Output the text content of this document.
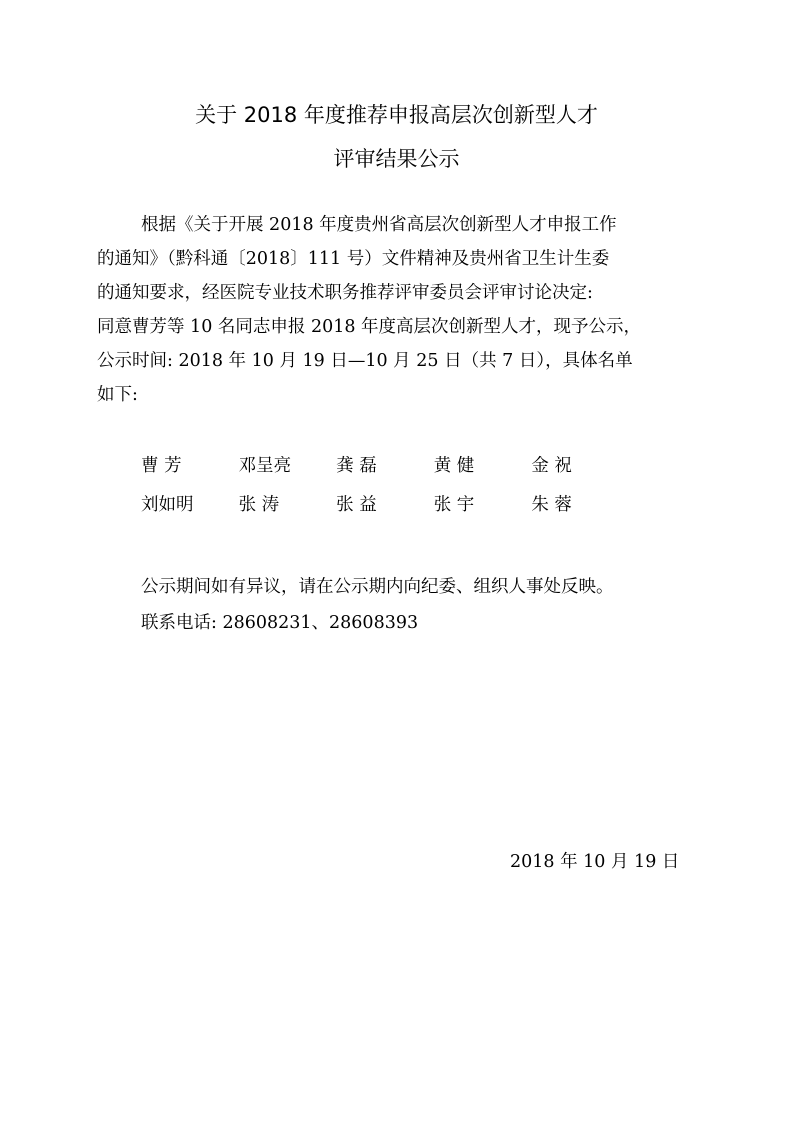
关于 2018 年度推荐申报高层次创新型人才
评审结果公示
根据《关于开展 2018 年度贵州省高层次创新型人才申报工作
的通知》（黔科通〔2018〕111 号）文件精神及贵州省卫生计生委
的通知要求，经医院专业技术职务推荐评审委员会评审讨论决定:
同意曹芳等 10 名同志申报 2018 年度高层次创新型人才，现予公示，
公示时间: 2018 年 10 月 19 日—10 月 25 日（共 7 日），具体名单
如下:
曹 芳	邓呈亮	龚 磊	黄 健	金 祝
刘如明	张 涛	张 益	张 宇	朱 蓉
公示期间如有异议，请在公示期内向纪委、组织人事处反映。
联系电话: 28608231、28608393
2018 年 10 月 19 日
